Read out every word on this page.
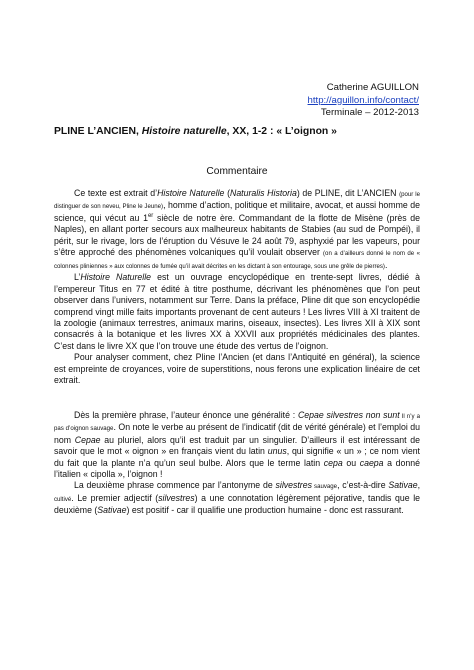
Catherine AGUILLON
http://aguillon.info/contact/
Terminale – 2012-2013
PLINE L’ANCIEN, Histoire naturelle, XX, 1-2 : « L’oignon »
Commentaire

Ce texte est extrait d’Histoire Naturelle (Naturalis Historia) de PLINE, dit L’ANCIEN (pour le distinguer de son neveu, Pline le Jeune), homme d’action, politique et militaire, avocat, et aussi homme de science, qui vécut au 1er siècle de notre ère. Commandant de la flotte de Misène (près de Naples), en allant porter secours aux malheureux habitants de Stabies (au sud de Pompéi), il périt, sur le rivage, lors de l’éruption du Vésuve le 24 août 79, asphyxié par les vapeurs, pour s’être approché des phénomènes volcaniques qu’il voulait observer (on a d’ailleurs donné le nom de « colonnes pliniennes » aux colonnes de fumée qu’il avait décrites en les dictant à son entourage, sous une grêle de pierres).

L’Histoire Naturelle est un ouvrage encyclopédique en trente-sept livres, dédié à l’empereur Titus en 77 et édité à titre posthume, décrivant les phénomènes que l’on peut observer dans l’univers, notamment sur Terre. Dans la préface, Pline dit que son encyclopédie comprend vingt mille faits importants provenant de cent auteurs ! Les livres VIII à XI traitent de la zoologie (animaux terrestres, animaux marins, oiseaux, insectes). Les livres XII à XIX sont consacrés à la botanique et les livres XX à XXVII aux propriétés médicinales des plantes. C’est dans le livre XX que l’on trouve une étude des vertus de l’oignon.

Pour analyser comment, chez Pline l’Ancien (et dans l’Antiquité en général), la science est empreinte de croyances, voire de superstitions, nous ferons une explication linéaire de cet extrait.

Dès la première phrase, l’auteur énonce une généralité : Cepae silvestres non sunt Il n’y a pas d’oignon sauvage. On note le verbe au présent de l’indicatif (dit de vérité générale) et l’emploi du nom Cepae au pluriel, alors qu’il est traduit par un singulier. D’ailleurs il est intéressant de savoir que le mot « oignon » en français vient du latin unus, qui signifie « un » ; ce nom vient du fait que la plante n’a qu’un seul bulbe. Alors que le terme latin cepa ou caepa a donné l’italien « cipolla », l’oignon !

La deuxième phrase commence par l’antonyme de silvestres sauvage, c’est-à-dire Sativae, cultivé. Le premier adjectif (silvestres) a une connotation légèrement péjorative, tandis que le deuxième (Sativae) est positif - car il qualifie une production humaine - donc est rassurant.
